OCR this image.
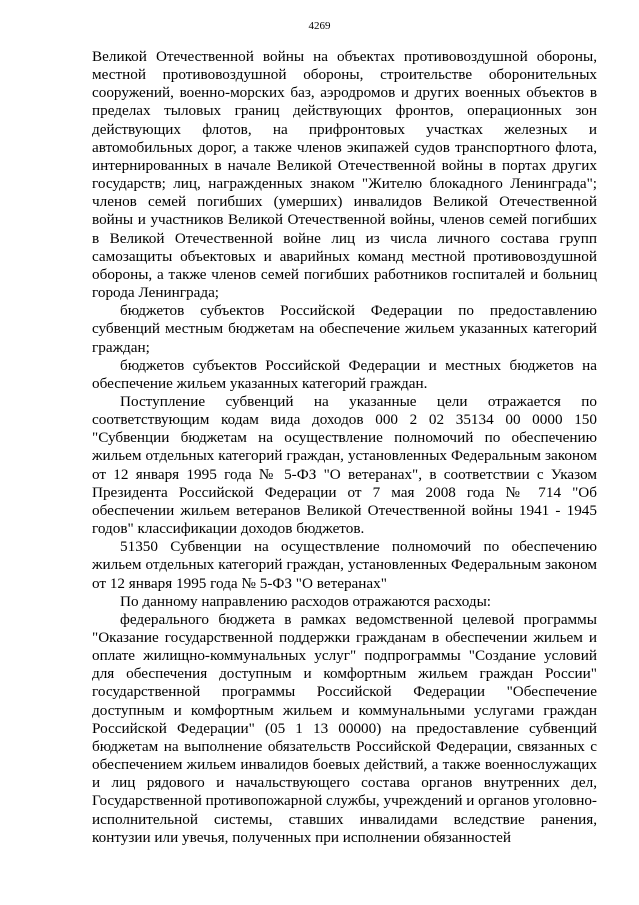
4269

Великой Отечественной войны на объектах противовоздушной обороны, местной противовоздушной обороны, строительстве оборонительных сооружений, военно-морских баз, аэродромов и других военных объектов в пределах тыловых границ действующих фронтов, операционных зон действующих флотов, на прифронтовых участках железных и автомобильных дорог, а также членов экипажей судов транспортного флота, интернированных в начале Великой Отечественной войны в портах других государств; лиц, награжденных знаком "Жителю блокадного Ленинграда"; членов семей погибших (умерших) инвалидов Великой Отечественной войны и участников Великой Отечественной войны, членов семей погибших в Великой Отечественной войне лиц из числа личного состава групп самозащиты объектовых и аварийных команд местной противовоздушной обороны, а также членов семей погибших работников госпиталей и больниц города Ленинграда;

бюджетов субъектов Российской Федерации по предоставлению субвенций местным бюджетам на обеспечение жильем указанных категорий граждан;

бюджетов субъектов Российской Федерации и местных бюджетов на обеспечение жильем указанных категорий граждан.

Поступление субвенций на указанные цели отражается по соответствующим кодам вида доходов 000 2 02 35134 00 0000 150 "Субвенции бюджетам на осуществление полномочий по обеспечению жильем отдельных категорий граждан, установленных Федеральным законом от 12 января 1995 года № 5-ФЗ "О ветеранах", в соответствии с Указом Президента Российской Федерации от 7 мая 2008 года № 714 "Об обеспечении жильем ветеранов Великой Отечественной войны 1941 - 1945 годов" классификации доходов бюджетов.

51350 Субвенции на осуществление полномочий по обеспечению жильем отдельных категорий граждан, установленных Федеральным законом от 12 января 1995 года № 5-ФЗ "О ветеранах"

По данному направлению расходов отражаются расходы:

федерального бюджета в рамках ведомственной целевой программы "Оказание государственной поддержки гражданам в обеспечении жильем и оплате жилищно-коммунальных услуг" подпрограммы "Создание условий для обеспечения доступным и комфортным жильем граждан России" государственной программы Российской Федерации "Обеспечение доступным и комфортным жильем и коммунальными услугами граждан Российской Федерации" (05 1 13 00000) на предоставление субвенций бюджетам на выполнение обязательств Российской Федерации, связанных с обеспечением жильем инвалидов боевых действий, а также военнослужащих и лиц рядового и начальствующего состава органов внутренних дел, Государственной противопожарной службы, учреждений и органов уголовно-исполнительной системы, ставших инвалидами вследствие ранения, контузии или увечья, полученных при исполнении обязанностей
